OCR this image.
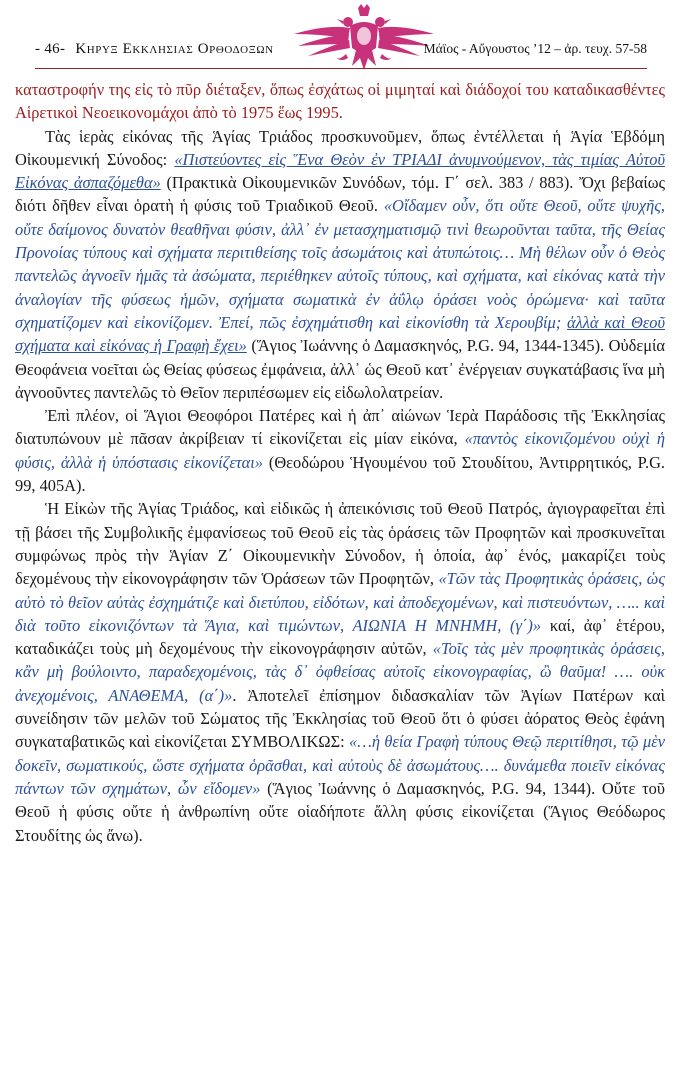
- 46- Κηρυξ Εκκλησιας Ορθοδοξων	Μάϊος - Αὔγουστος ’12 – ἀρ. τευχ. 57-58

καταστροφήν της εἰς τὸ πῦρ διέταξεν, ὅπως ἐσχάτως οἱ μιμηταί καὶ διάδοχοί του καταδικασθέντες Αἱρετικοὶ Νεοεικονομάχοι ἀπὸ τὸ 1975 ἕως 1995.

Τὰς ἱερὰς εἰκόνας τῆς Ἁγίας Τριάδος προσκυνοῦμεν, ὅπως ἐντέλλεται ἡ Ἁγία Ἑβδόμη Οἰκουμενική Σύνοδος: «Πιστεύοντες εἰς Ἕνα Θεὸν ἐν ΤΡΙΑΔΙ ἀνυμνούμενον, τὰς τιμίας Αὐτοῦ Εἰκόνας ἀσπαζόμεθα» (Πρακτικὰ Οἰκουμενικῶν Συνόδων, τόμ. Γ΄ σελ. 383 / 883). Ὄχι βεβαίως διότι δῆθεν εἶναι ὁρατὴ ἡ φύσις τοῦ Τριαδικοῦ Θεοῦ. «Οἴδαμεν οὖν, ὅτι οὔτε Θεοῦ, οὔτε ψυχῆς, οὔτε δαίμονος δυνατὸν θεαθῆναι φύσιν, ἀλλ᾽ ἐν μετασχηματισμῷ τινὶ θεωροῦνται ταῦτα, τῆς Θείας Προνοίας τύπους καὶ σχήματα περιτιθείσης τοῖς ἀσωμάτοις καὶ ἀτυπώτοις… Μὴ θέλων οὖν ὁ Θεὸς παντελῶς ἀγνοεῖν ἡμᾶς τὰ ἀσώματα, περιέθηκεν αὐτοῖς τύπους, καὶ σχήματα, καὶ εἰκόνας κατὰ τὴν ἀναλογίαν τῆς φύσεως ἡμῶν, σχήματα σωματικὰ ἐν ἀΰλῳ ὁράσει νοὸς ὁρώμενα· καὶ ταῦτα σχηματίζομεν καὶ εἰκονίζομεν. Ἐπεί, πῶς ἐσχημάτισθη καὶ εἰκονίσθη τὰ Χερουβίμ; ἀλλὰ καὶ Θεοῦ σχήματα καὶ εἰκόνας ἡ Γραφὴ ἔχει» (Ἅγιος Ἰωάννης ὁ Δαμασκηνός, P.G. 94, 1344-1345). Οὐδεμία Θεοφάνεια νοεῖται ὡς Θείας φύσεως ἐμφάνεια, ἀλλ᾽ ὡς Θεοῦ κατ᾽ ἐνέργειαν συγκατάβασις ἵνα μὴ ἀγνοοῦντες παντελῶς τὸ Θεῖον περιπέσωμεν εἰς εἰδωλολατρείαν.

Ἐπὶ πλέον, οἱ Ἅγιοι Θεοφόροι Πατέρες καὶ ἡ ἀπ᾽ αἰώνων Ἱερὰ Παράδοσις τῆς Ἐκκλησίας διατυπώνουν μὲ πᾶσαν ἀκρίβειαν τί εἰκονίζεται εἰς μίαν εἰκόνα, «παντὸς εἰκονιζομένου οὐχὶ ἡ φύσις, ἀλλὰ ἡ ὑπόστασις εἰκονίζεται» (Θεοδώρου Ἡγουμένου τοῦ Στουδίτου, Ἀντιρρητικός, P.G. 99, 405Α).

Ἡ Εἰκὼν τῆς Ἁγίας Τριάδος, καὶ εἰδικῶς ἡ ἀπεικόνισις τοῦ Θεοῦ Πατρός, ἁγιογραφεῖται ἐπὶ τῇ βάσει τῆς Συμβολικῆς ἐμφανίσεως τοῦ Θεοῦ εἰς τὰς ὁράσεις τῶν Προφητῶν καὶ προσκυνεῖται συμφώνως πρὸς τὴν Ἁγίαν Ζ΄ Οἰκουμενικὴν Σύνοδον, ἡ ὁποία, ἀφ᾽ ἑνός, μακαρίζει τοὺς δεχομένους τὴν εἰκονογράφησιν τῶν Ὁράσεων τῶν Προφητῶν, «Τῶν τὰς Προφητικὰς ὁράσεις, ὡς αὐτὸ τὸ θεῖον αὐτὰς ἐσχημάτιζε καὶ διετύπου, εἰδότων, καὶ ἀποδεχομένων, καὶ πιστευόντων, ….. καὶ διὰ τοῦτο εἰκονιζόντων τὰ Ἅγια, καὶ τιμώντων, ΑΙΩΝΙΑ Η ΜΝΗΜΗ, (γ΄)» καί, ἀφ᾽ ἑτέρου, καταδικάζει τοὺς μὴ δεχομένους τὴν εἰκονογράφησιν αὐτῶν, «Τοῖς τὰς μὲν προφητικὰς ὁράσεις, κἂν μὴ βούλοιντο, παραδεχομένοις, τὰς δ᾽ ὀφθείσας αὐτοῖς εἰκονογραφίας, ὢ θαῦμα! …. οὐκ ἀνεχομένοις, ΑΝΑΘΕΜΑ, (α΄)». Ἀποτελεῖ ἐπίσημον διδασκαλίαν τῶν Ἁγίων Πατέρων καὶ συνείδησιν τῶν μελῶν τοῦ Σώματος τῆς Ἐκκλησίας τοῦ Θεοῦ ὅτι ὁ φύσει ἀόρατος Θεὸς ἐφάνη συγκαταβατικῶς καὶ εἰκονίζεται ΣΥΜΒΟΛΙΚΩΣ: «…ἡ θεία Γραφὴ τύπους Θεῷ περιτίθησι, τῷ μὲν δοκεῖν, σωματικούς, ὥστε σχήματα ὁρᾶσθαι, καὶ αὐτοὺς δὲ ἀσωμάτους…. δυνάμεθα ποιεῖν εἰκόνας πάντων τῶν σχημάτων, ὧν εἴδομεν» (Ἅγιος Ἰωάννης ὁ Δαμασκηνός, P.G. 94, 1344). Οὔτε τοῦ Θεοῦ ἡ φύσις οὔτε ἡ ἀνθρωπίνη οὔτε οἱαδήποτε ἄλλη φύσις εἰκονίζεται (Ἅγιος Θεόδωρος Στουδίτης ὡς ἄνω).
